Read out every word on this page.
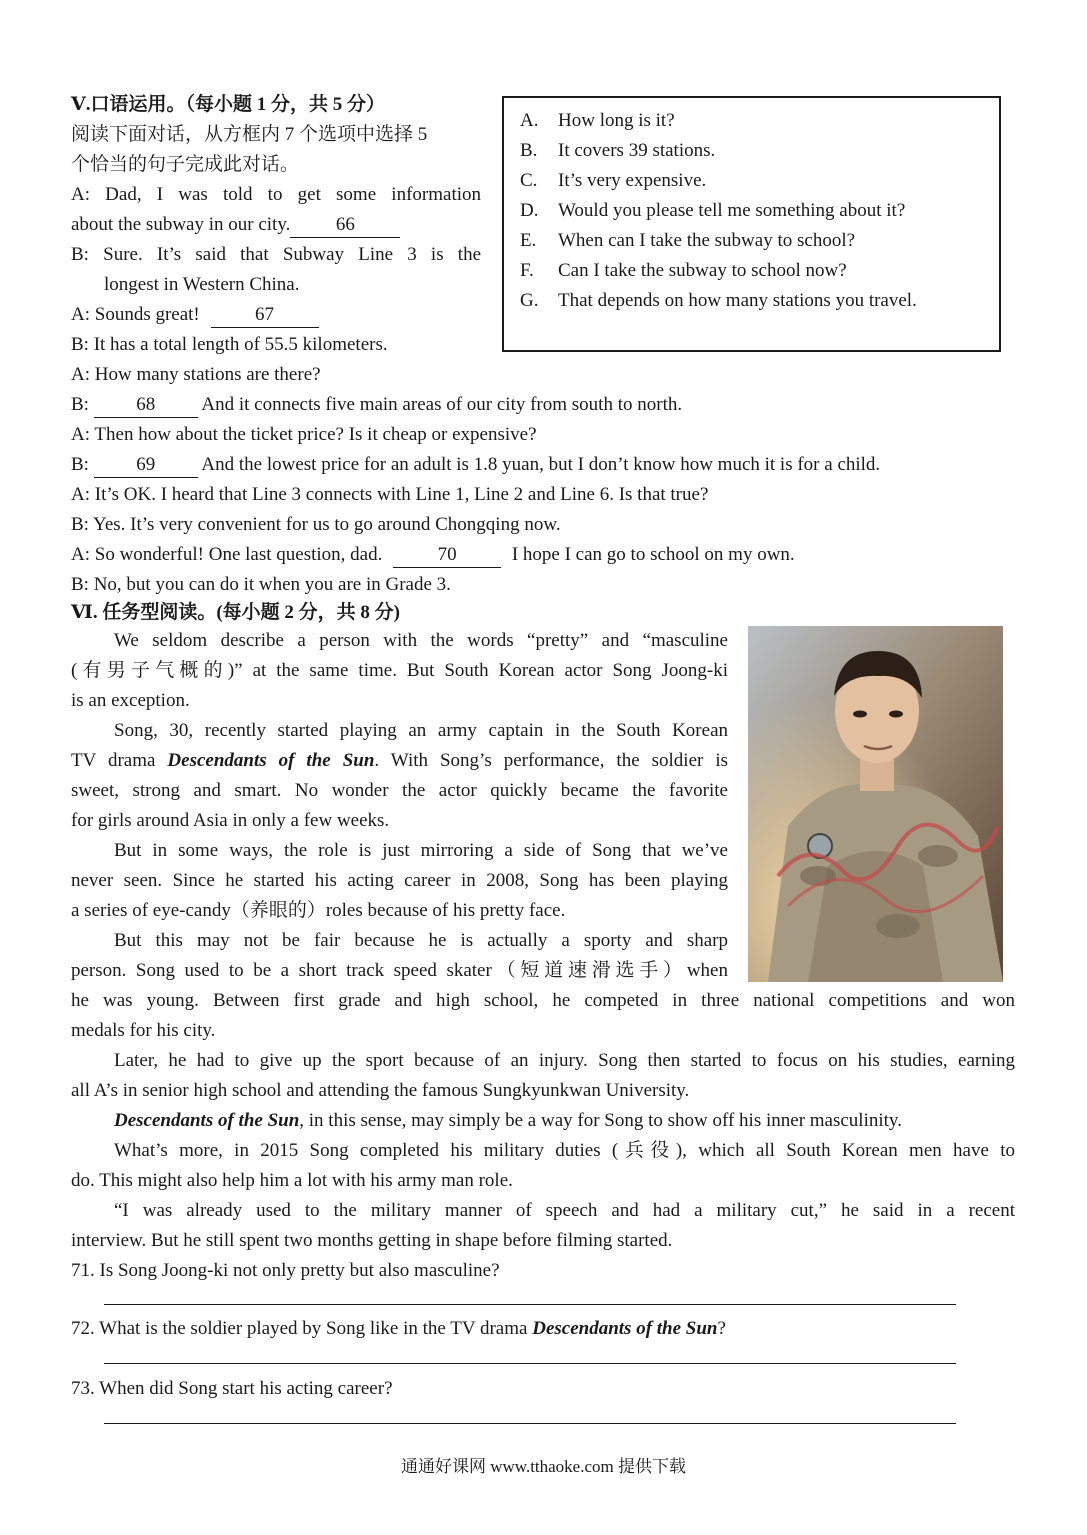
Ⅴ.口语运用。（每小题 1 分，共 5 分）
阅读下面对话，从方框内 7 个选项中选择 5
个恰当的句子完成此对话。
A: Dad, I was told to get some information
about the subway in our city. 66
B: Sure. It’s said that Subway Line 3 is the
longest in Western China.
A: Sounds great!	67
B: It has a total length of 55.5 kilometers.
A: How many stations are there?
B: 68 And it connects five main areas of our city from south to north.
A: Then how about the ticket price? Is it cheap or expensive?
B: 69 And the lowest price for an adult is 1.8 yuan, but I don’t know how much it is for a child.
A: It’s OK. I heard that Line 3 connects with Line 1, Line 2 and Line 6. Is that true?
B: Yes. It’s very convenient for us to go around Chongqing now.
A: So wonderful! One last question, dad.	70	I hope I can go to school on my own.
B: No, but you can do it when you are in Grade 3.
A. How long is it?
B. It covers 39 stations.
C. It’s very expensive.
D. Would you please tell me something about it?
E. When can I take the subway to school?
F. Can I take the subway to school now?
G. That depends on how many stations you travel.
Ⅵ. 任务型阅读。(每小题 2 分，共 8 分)
We seldom describe a person with the words “pretty” and “masculine
(有男子气概的)” at the same time. But South Korean actor Song Joong-ki
is an exception.
Song, 30, recently started playing an army captain in the South Korean
TV drama Descendants of the Sun. With Song’s performance, the soldier is
sweet, strong and smart. No wonder the actor quickly became the favorite
for girls around Asia in only a few weeks.
But in some ways, the role is just mirroring a side of Song that we’ve
never seen. Since he started his acting career in 2008, Song has been playing
a series of eye-candy（养眼的）roles because of his pretty face.
But this may not be fair because he is actually a sporty and sharp
person. Song used to be a short track speed skater（短道速滑选手）when
he was young. Between first grade and high school, he competed in three national competitions and won
medals for his city.
Later, he had to give up the sport because of an injury. Song then started to focus on his studies, earning
all A’s in senior high school and attending the famous Sungkyunkwan University.
Descendants of the Sun, in this sense, may simply be a way for Song to show off his inner masculinity.
What’s more, in 2015 Song completed his military duties (兵役), which all South Korean men have to
do. This might also help him a lot with his army man role.
“I was already used to the military manner of speech and had a military cut,” he said in a recent
interview. But he still spent two months getting in shape before filming started.
71. Is Song Joong-ki not only pretty but also masculine?
72. What is the soldier played by Song like in the TV drama Descendants of the Sun?
73. When did Song start his acting career?
通通好课网 www.tthaoke.com 提供下载
